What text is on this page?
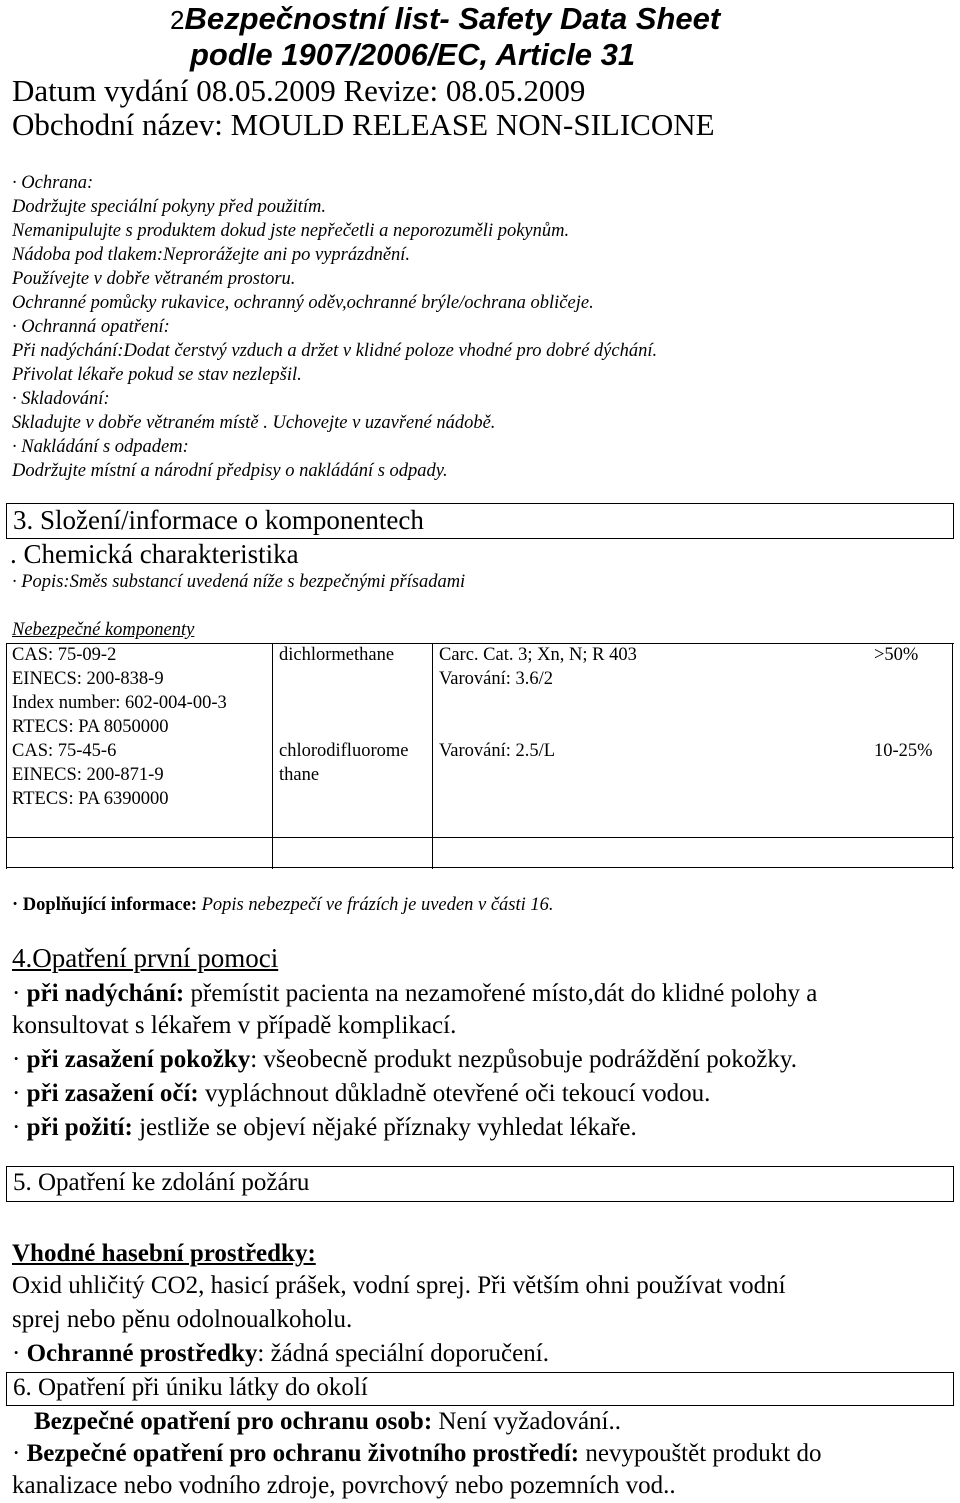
2Bezpečnostní list- Safety Data Sheet
podle 1907/2006/EC, Article 31
Datum vydání 08.05.2009 Revize: 08.05.2009
Obchodní název: MOULD RELEASE NON-SILICONE
· Ochrana:
Dodržujte speciální pokyny před použitím.
Nemanipulujte s produktem dokud jste nepřečetli a neporozuměli pokynům.
Nádoba pod tlakem:Neprorážejte ani po vyprázdnění.
Používejte v dobře větraném prostoru.
Ochranné pomůcky rukavice, ochranný oděv,ochranné brýle/ochrana obličeje.
· Ochranná opatření:
Při nadýchání:Dodat čerstvý vzduch a držet v klidné poloze vhodné pro dobré dýchání.
Přivolat lékaře pokud se stav nezlepšil.
· Skladování:
Skladujte v dobře větraném místě . Uchovejte v uzavřené nádobě.
· Nakládání s odpadem:
Dodržujte místní a národní předpisy o nakládání s odpady.
3. Složení/informace o komponentech
. Chemická charakteristika
· Popis:Směs substancí uvedená níže s bezpečnými přísadami
Nebezpečné komponenty
CAS: 75-09-2
EINECS: 200-838-9
Index number: 602-004-00-3
RTECS: PA 8050000
dichlormethane Carc. Cat. 3; Xn, N; R 403
Varování: 3.6/2
>50%
CAS: 75-45-6
EINECS: 200-871-9
RTECS: PA 6390000
chlorodifluorome
thane
Varování: 2.5/L	10-25%
· Doplňující informace: Popis nebezpečí ve frázích je uveden v části 16.
4.Opatření první pomoci
· při nadýchání: přemístit pacienta na nezamořené místo,dát do klidné polohy a
konsultovat s lékařem v případě komplikací.
· při zasažení pokožky: všeobecně produkt nezpůsobuje podráždění pokožky.
· při zasažení očí: vypláchnout důkladně otevřené oči tekoucí vodou.
· při požití: jestliže se objeví nějaké příznaky vyhledat lékaře.
5. Opatření ke zdolání požáru
Vhodné hasební prostředky:
Oxid uhličitý CO2, hasicí prášek, vodní sprej. Při větším ohni používat vodní
sprej nebo pěnu odolnoualkoholu.
· Ochranné prostředky: žádná speciální doporučení.
6. Opatření při úniku látky do okolí
Bezpečné opatření pro ochranu osob: Není vyžadování..
· Bezpečné opatření pro ochranu životního prostředí: nevypouštět produkt do
kanalizace nebo vodního zdroje, povrchový nebo pozemních vod..
